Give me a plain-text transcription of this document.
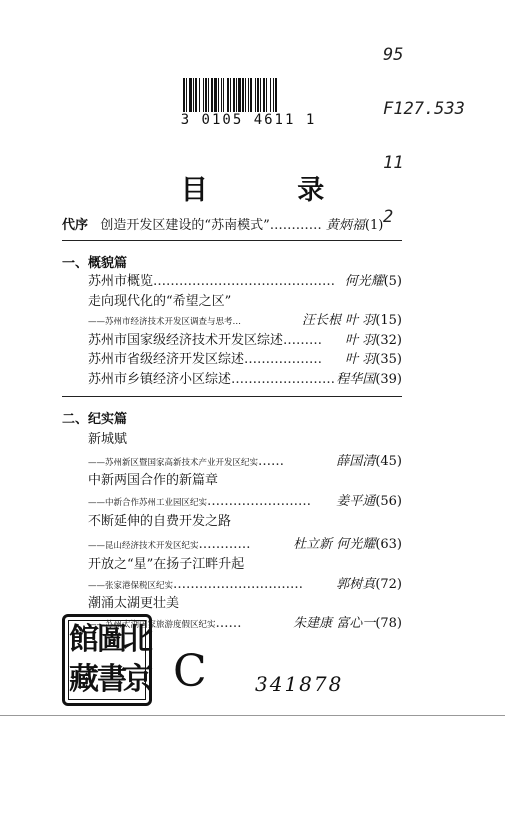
95

F127.533

11

2

3 0105 4611 1
目 录
代序 创造开发区建设的“苏南模式”………… 黄炳福(1)
一、概貌篇
苏州市概览…………………………………… 何光耀(5)
走向现代化的“希望之区”
——苏州市经济技术开发区调查与思考…	汪长根 叶 羽(15)
苏州市国家级经济技术开发区综述……… 叶 羽(32)
苏州市省级经济开发区综述……………… 叶 羽(35)
苏州市乡镇经济小区综述…………………… 程华国(39)
二、纪实篇
新城赋
——苏州新区暨国家高新技术产业开发区纪实……	薛国清(45)
中新两国合作的新篇章
——中新合作苏州工业园区纪实…………………… 姜平通(56)
不断延伸的自费开发之路
——昆山经济技术开发区纪实…………	杜立新 何光耀(63)
开放之“星”在扬子江畔升起
——张家港保税区纪实…………………………	郭树真(72)
潮涌太湖更壮美
——苏州太湖国家旅游度假区纪实……	朱建康 富心一(78)
館
圖
北
藏
書
京 C 341878
